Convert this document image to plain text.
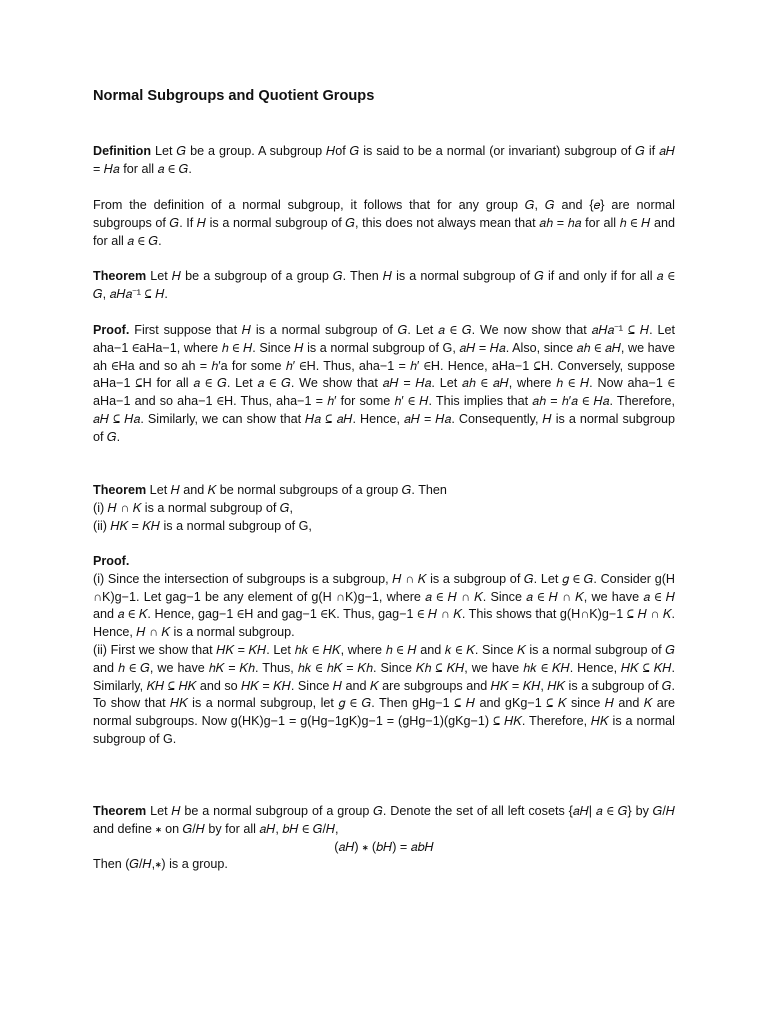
Normal Subgroups and Quotient Groups
Definition Let 𝐺 be a group. A subgroup 𝐻of 𝐺 is said to be a normal (or invariant) subgroup of 𝐺 if 𝑎𝐻 = 𝐻𝑎 for all 𝑎 ∈ 𝐺.
From the definition of a normal subgroup, it follows that for any group 𝐺, 𝐺 and {𝑒} are normal subgroups of 𝐺. If 𝐻 is a normal subgroup of 𝐺, this does not always mean that 𝑎ℎ = ℎ𝑎 for all ℎ ∈ 𝐻 and for all 𝑎 ∈ 𝐺.
Theorem Let 𝐻 be a subgroup of a group 𝐺. Then 𝐻 is a normal subgroup of 𝐺 if and only if for all 𝑎 ∈ 𝐺, 𝑎𝐻𝑎⁻¹ ⊆ 𝐻.
Proof. First suppose that 𝐻 is a normal subgroup of 𝐺. Let 𝑎 ∈ 𝐺. We now show that 𝑎𝐻𝑎⁻¹ ⊆ 𝐻. Let aha−1 ∈aHa−1, where ℎ ∈ 𝐻. Since 𝐻 is a normal subgroup of G, 𝑎𝐻 = 𝐻𝑎. Also, since 𝑎ℎ ∈ 𝑎𝐻, we have ah ∈Ha and so ah = ℎ′a for some ℎ′ ∈H. Thus, aha−1 = ℎ′ ∈H. Hence, aHa−1 ⊆H. Conversely, suppose aHa−1 ⊆H for all 𝑎 ∈ 𝐺. Let 𝑎 ∈ 𝐺. We show that 𝑎𝐻 = 𝐻𝑎. Let 𝑎ℎ ∈ 𝑎𝐻, where ℎ ∈ 𝐻. Now aha−1 ∈ aHa−1 and so aha−1 ∈H. Thus, aha−1 = ℎ′ for some ℎ′ ∈ 𝐻. This implies that 𝑎ℎ = ℎ′𝑎 ∈ 𝐻𝑎. Therefore, 𝑎𝐻 ⊆ 𝐻𝑎. Similarly, we can show that 𝐻𝑎 ⊆ 𝑎𝐻. Hence, 𝑎𝐻 = 𝐻𝑎. Consequently, 𝐻 is a normal subgroup of 𝐺.
Theorem Let 𝐻 and 𝐾 be normal subgroups of a group 𝐺. Then
(i) 𝐻 ∩ 𝐾 is a normal subgroup of 𝐺,
(ii) 𝐻𝐾 = 𝐾𝐻 is a normal subgroup of G,
Proof.
(i) Since the intersection of subgroups is a subgroup, 𝐻 ∩ 𝐾 is a subgroup of 𝐺. Let 𝑔 ∈ 𝐺. Consider g(H ∩K)g−1. Let gag−1 be any element of g(H ∩K)g−1, where 𝑎 ∈ 𝐻 ∩ 𝐾. Since 𝑎 ∈ 𝐻 ∩ 𝐾, we have 𝑎 ∈ 𝐻 and 𝑎 ∈ 𝐾. Hence, gag−1 ∈H and gag−1 ∈K. Thus, gag−1 ∈ 𝐻 ∩ 𝐾. This shows that g(H∩K)g−1 ⊆ 𝐻 ∩ 𝐾. Hence, 𝐻 ∩ 𝐾 is a normal subgroup.
(ii) First we show that 𝐻𝐾 = 𝐾𝐻. Let ℎ𝑘 ∈ 𝐻𝐾, where ℎ ∈ 𝐻 and 𝑘 ∈ 𝐾. Since 𝐾 is a normal subgroup of 𝐺 and ℎ ∈ 𝐺, we have ℎ𝐾 = 𝐾ℎ. Thus, ℎ𝑘 ∈ ℎ𝐾 = 𝐾ℎ. Since 𝐾ℎ ⊆ 𝐾𝐻, we have ℎ𝑘 ∈ 𝐾𝐻. Hence, 𝐻𝐾 ⊆ 𝐾𝐻. Similarly, 𝐾𝐻 ⊆ 𝐻𝐾 and so 𝐻𝐾 = 𝐾𝐻. Since 𝐻 and 𝐾 are subgroups and 𝐻𝐾 = 𝐾𝐻, 𝐻𝐾 is a subgroup of 𝐺. To show that 𝐻𝐾 is a normal subgroup, let 𝑔 ∈ 𝐺. Then gHg−1 ⊆ 𝐻 and gKg−1 ⊆ 𝐾 since 𝐻 and 𝐾 are normal subgroups. Now g(HK)g−1 = g(Hg−1gK)g−1 = (gHg−1)(gKg−1) ⊆ 𝐻𝐾. Therefore, 𝐻𝐾 is a normal subgroup of G.
Theorem Let 𝐻 be a normal subgroup of a group 𝐺. Denote the set of all left cosets {𝑎𝐻| 𝑎 ∈ 𝐺} by 𝐺/𝐻 and define ∗ on 𝐺/𝐻 by for all 𝑎𝐻, 𝑏𝐻 ∈ 𝐺/𝐻,
(𝑎𝐻) ∗ (𝑏𝐻) = 𝑎𝑏𝐻
Then (𝐺/𝐻,∗) is a group.
